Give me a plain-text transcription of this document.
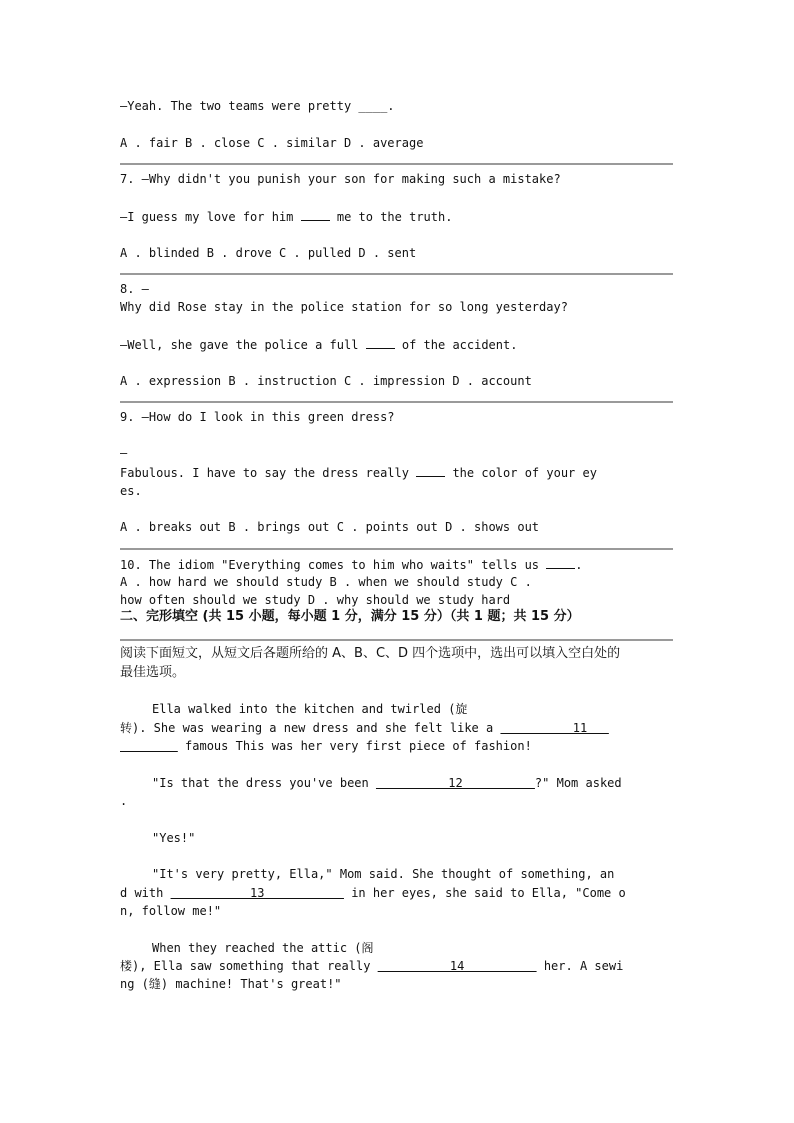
—Yeah. The two teams were pretty ____.
A . fair B . close C . similar D . average
7. —Why didn't you punish your son for making such a mistake?
—I guess my love for him  me to the truth.
A . blinded B . drove C . pulled D . sent
8. —
Why did Rose stay in the police station for so long yesterday?
—Well, she gave the police a full  of the accident.
A . expression B . instruction C . impression D . account
9. —How do I look in this green dress?
—
Fabulous. I have to say the dress really  the color of your ey
es.
A . breaks out B . brings out C . points out D . shows out
10. The idiom "Everything comes to him who waits" tells us .
A . how hard we should study B . when we should study C .
how often should we study D . why should we study hard
二、完形填空 (共 15 小题，每小题 1 分，满分 15 分）（共 1 题；共 15 分）
阅读下面短文，从短文后各题所给的 A、B、C、D 四个选项中，选出可以填入空白处的
最佳选项。
Ella walked into the kitchen and twirled (旋
转). She was wearing a new dress and she felt like a           11
famous This was her very first piece of fashion!
"Is that the dress you've been           12          ?" Mom asked
.
"Yes!"
"It's very pretty, Ella," Mom said. She thought of something, an
d with            13            in her eyes, she said to Ella, "Come o
n, follow me!"
When they reached the attic (阁
楼), Ella saw something that really           14           her. A sewi
ng (缝) machine! That's great!"
